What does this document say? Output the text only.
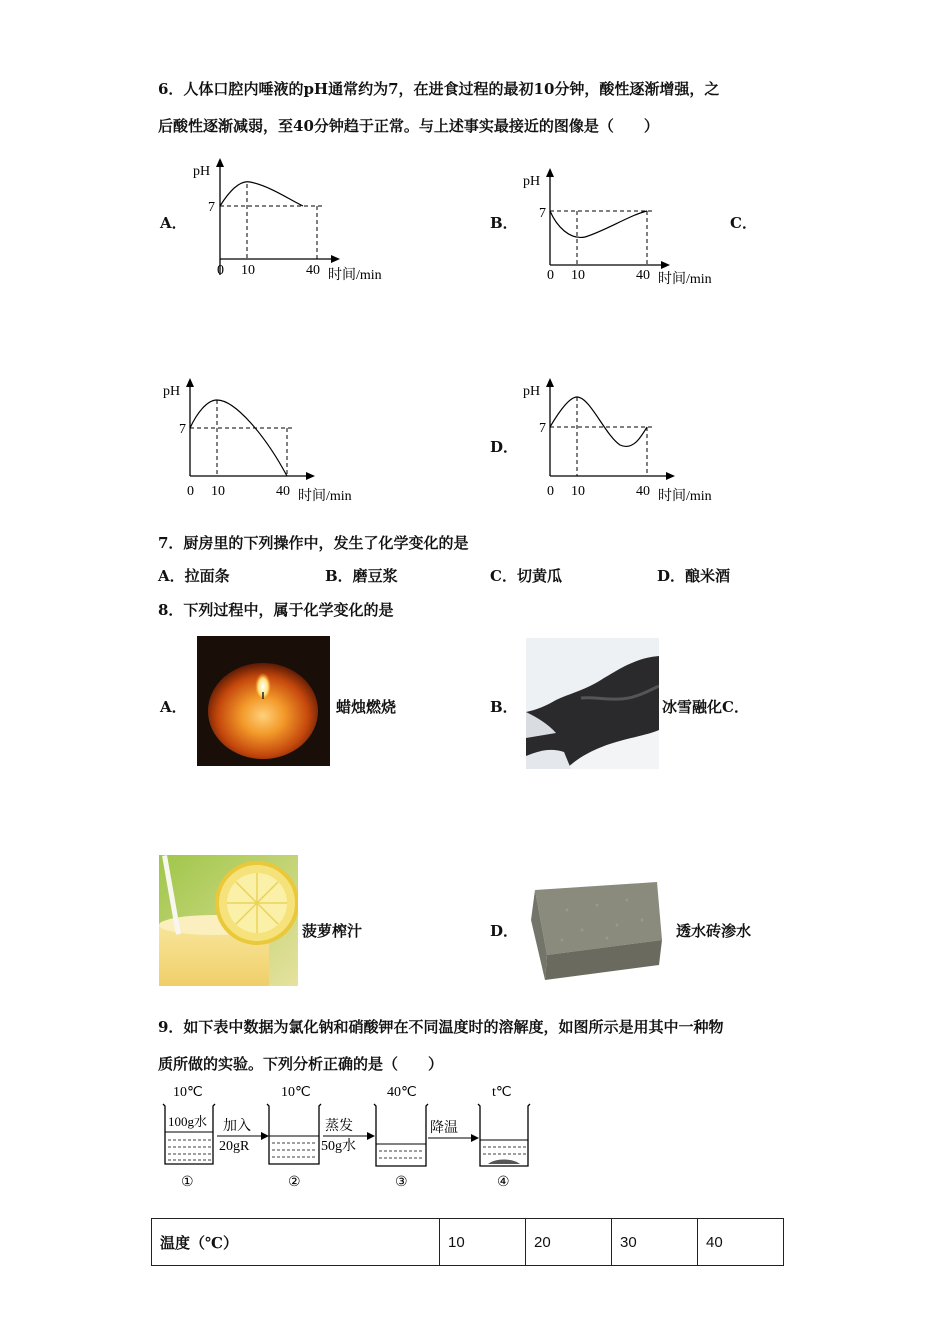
6．人体口腔内唾液的pH通常约为7，在进食过程的最初10分钟，酸性逐渐增强，之
后酸性逐渐减弱，至40分钟趋于正常。与上述事实最接近的图像是（　　）
A．	B．	C．
D．
pH
7
0 10	40 时间/min
pH
7
0 10	40 时间/min
pH
7
0 10	40 时间/min
pH
7
0 10	40 时间/min
7．厨房里的下列操作中，发生了化学变化的是
A．拉面条	B．磨豆浆	C．切黄瓜	D．酿米酒
8．下列过程中，属于化学变化的是
A．	蜡烛燃烧	B．	冰雪融化C．
菠萝榨汁	D．	透水砖渗水
9．如下表中数据为氯化钠和硝酸钾在不同温度时的溶解度，如图所示是用其中一种物
质所做的实验。下列分析正确的是（　　）
10℃
100g水 加入
20gR
10℃
蒸发
50g水
40℃
降温
t℃
①	②	③	④
温度（℃）	10	20	30	40
